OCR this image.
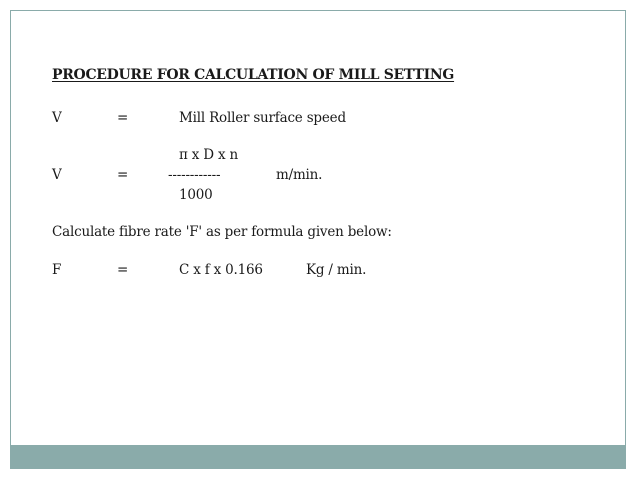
PROCEDURE FOR CALCULATION OF MILL SETTING
V	=	Mill Roller surface speed
π x D x n
V	=	------------	m/min.
1000
Calculate fibre rate 'F' as per formula given below:
F	=	C x f x 0.166	Kg / min.
